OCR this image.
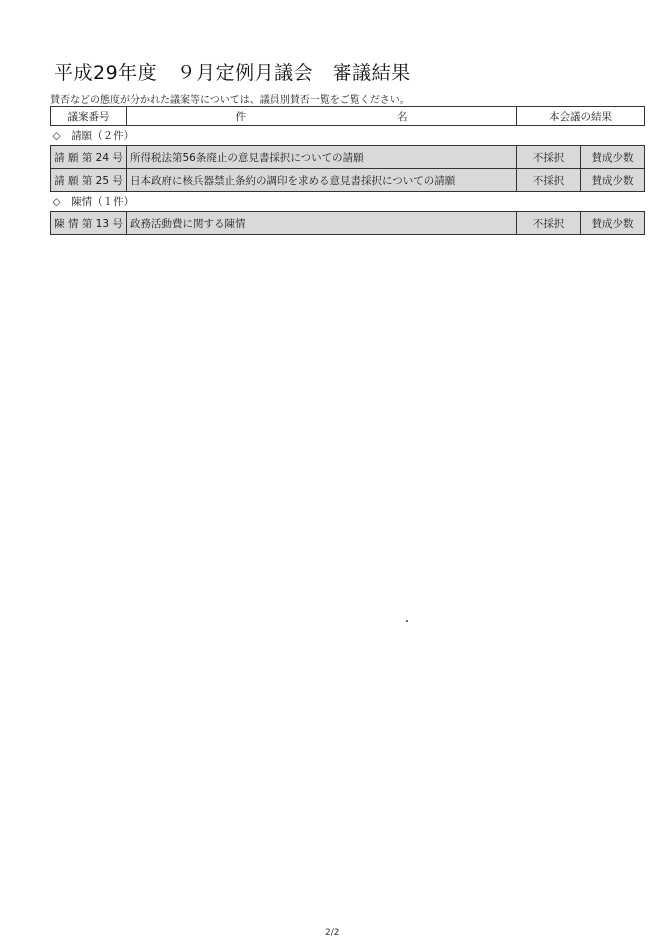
平成29年度　９月定例月議会　審議結果
賛否などの態度が分かれた議案等については、議員別賛否一覧をご覧ください。
議案番号	件 名	本会議の結果	
◇　請願（２件）			
請 願 第 24 号	所得税法第56条廃止の意見書採択についての請願	不採択	賛成少数
請 願 第 25 号	日本政府に核兵器禁止条約の調印を求める意見書採択についての請願	不採択	賛成少数
◇　陳情（１件）			
陳 情 第 13 号	政務活動費に関する陳情	不採択	賛成少数
2/2
